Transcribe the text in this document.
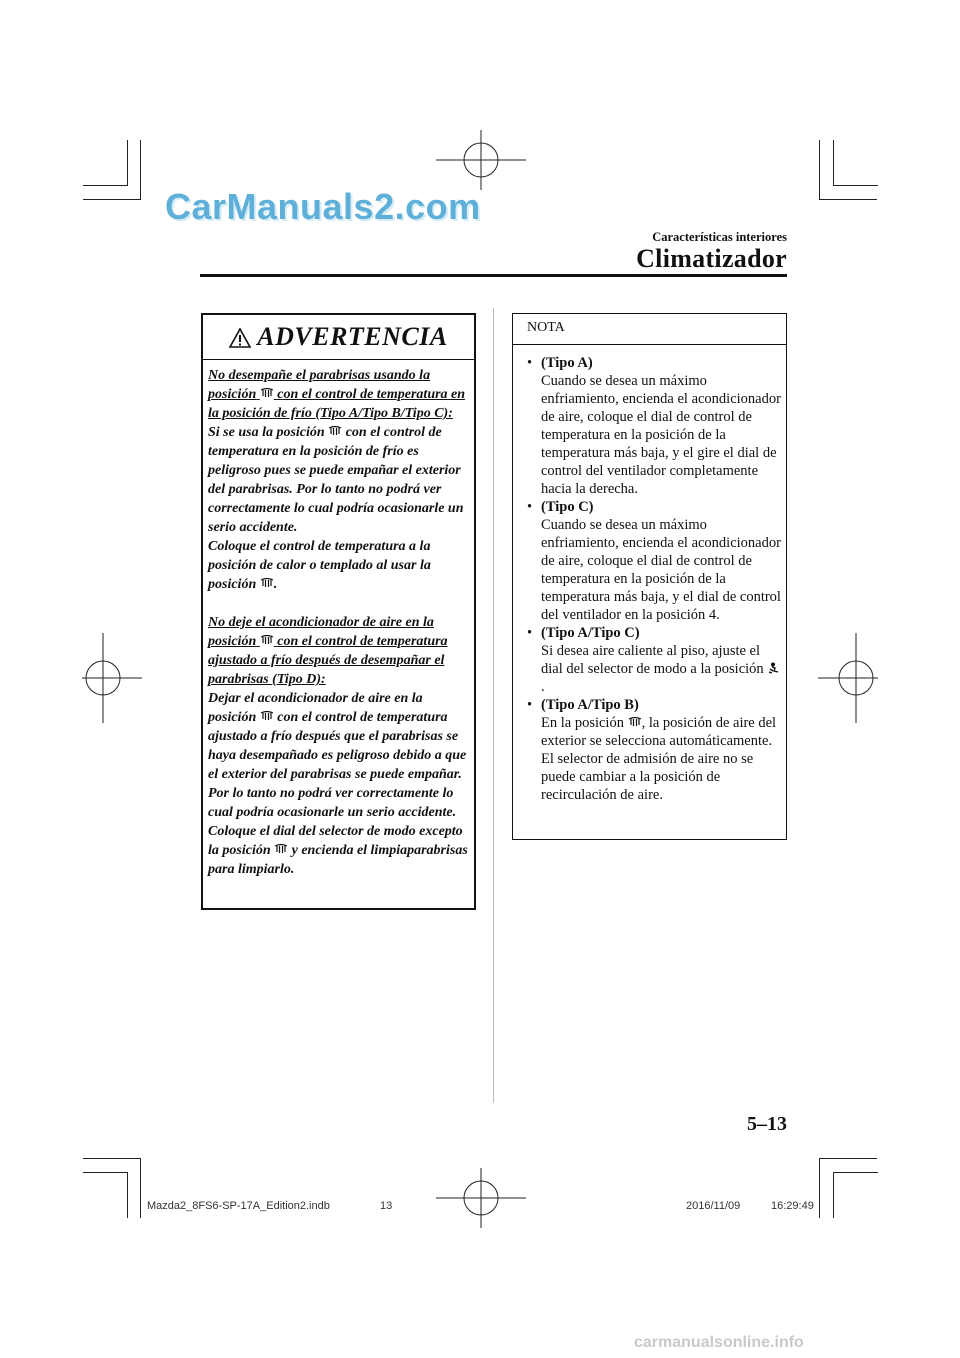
CarManuals2.com
Características interiores
Climatizador
ADVERTENCIA

No desempañe el parabrisas usando la posición con el control de temperatura en la posición de frío (Tipo A/Tipo B/Tipo C):

Si se usa la posición con el control de temperatura en la posición de frío es peligroso pues se puede empañar el exterior del parabrisas. Por lo tanto no podrá ver correctamente lo cual podría ocasionarle un serio accidente.

Coloque el control de temperatura a la posición de calor o templado al usar la posición .

No deje el acondicionador de aire en la posición con el control de temperatura ajustado a frío después de desempañar el parabrisas (Tipo D):

Dejar el acondicionador de aire en la posición con el control de temperatura ajustado a frío después que el parabrisas se haya desempañado es peligroso debido a que el exterior del parabrisas se puede empañar. Por lo tanto no podrá ver correctamente lo cual podría ocasionarle un serio accidente.

Coloque el dial del selector de modo excepto la posición y encienda el limpiaparabrisas para limpiarlo.

NOTA
• (Tipo A)
Cuando se desea un máximo enfriamiento, encienda el acondicionador de aire, coloque el dial de control de temperatura en la posición de la temperatura más baja, y el gire el dial de control del ventilador completamente hacia la derecha.
• (Tipo C)
Cuando se desea un máximo enfriamiento, encienda el acondicionador de aire, coloque el dial de control de temperatura en la posición de la temperatura más baja, y el dial de control del ventilador en la posición 4.
• (Tipo A/Tipo C)
Si desea aire caliente al piso, ajuste el dial del selector de modo a la posición .
• (Tipo A/Tipo B)
En la posición , la posición de aire del exterior se selecciona automáticamente. El selector de admisión de aire no se puede cambiar a la posición de recirculación de aire.
5–13
Mazda2_8FS6-SP-17A_Edition2.indb	13	2016/11/09	16:29:49
carmanualsonline.info
